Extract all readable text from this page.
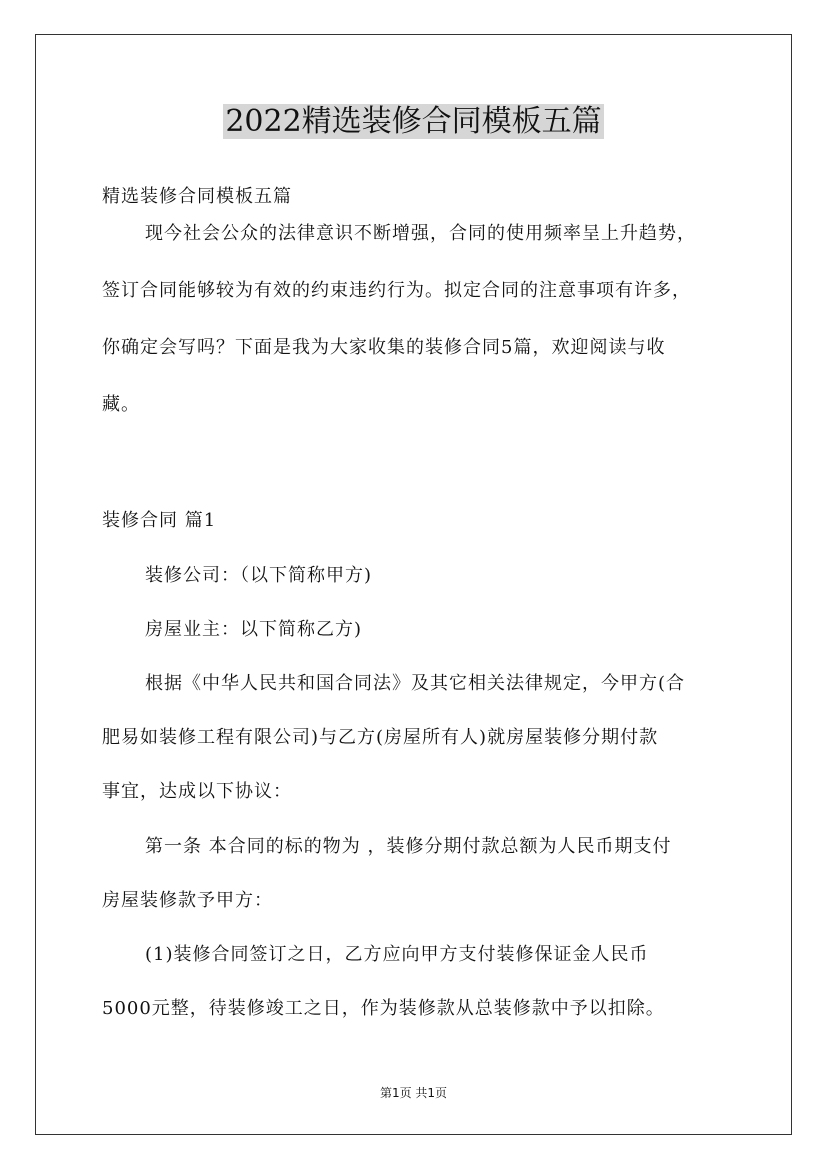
2022精选装修合同模板五篇
精选装修合同模板五篇
现今社会公众的法律意识不断增强，合同的使用频率呈上升趋势，
签订合同能够较为有效的约束违约行为。拟定合同的注意事项有许多，
你确定会写吗？下面是我为大家收集的装修合同5篇，欢迎阅读与收
藏。
装修合同 篇1
装修公司：（以下简称甲方)
房屋业主：以下简称乙方)
根据《中华人民共和国合同法》及其它相关法律规定，今甲方(合
肥易如装修工程有限公司)与乙方(房屋所有人)就房屋装修分期付款
事宜，达成以下协议：
第一条 本合同的标的物为 ，装修分期付款总额为人民币期支付
房屋装修款予甲方：
(1)装修合同签订之日，乙方应向甲方支付装修保证金人民币
5000元整，待装修竣工之日，作为装修款从总装修款中予以扣除。
第1页 共1页
